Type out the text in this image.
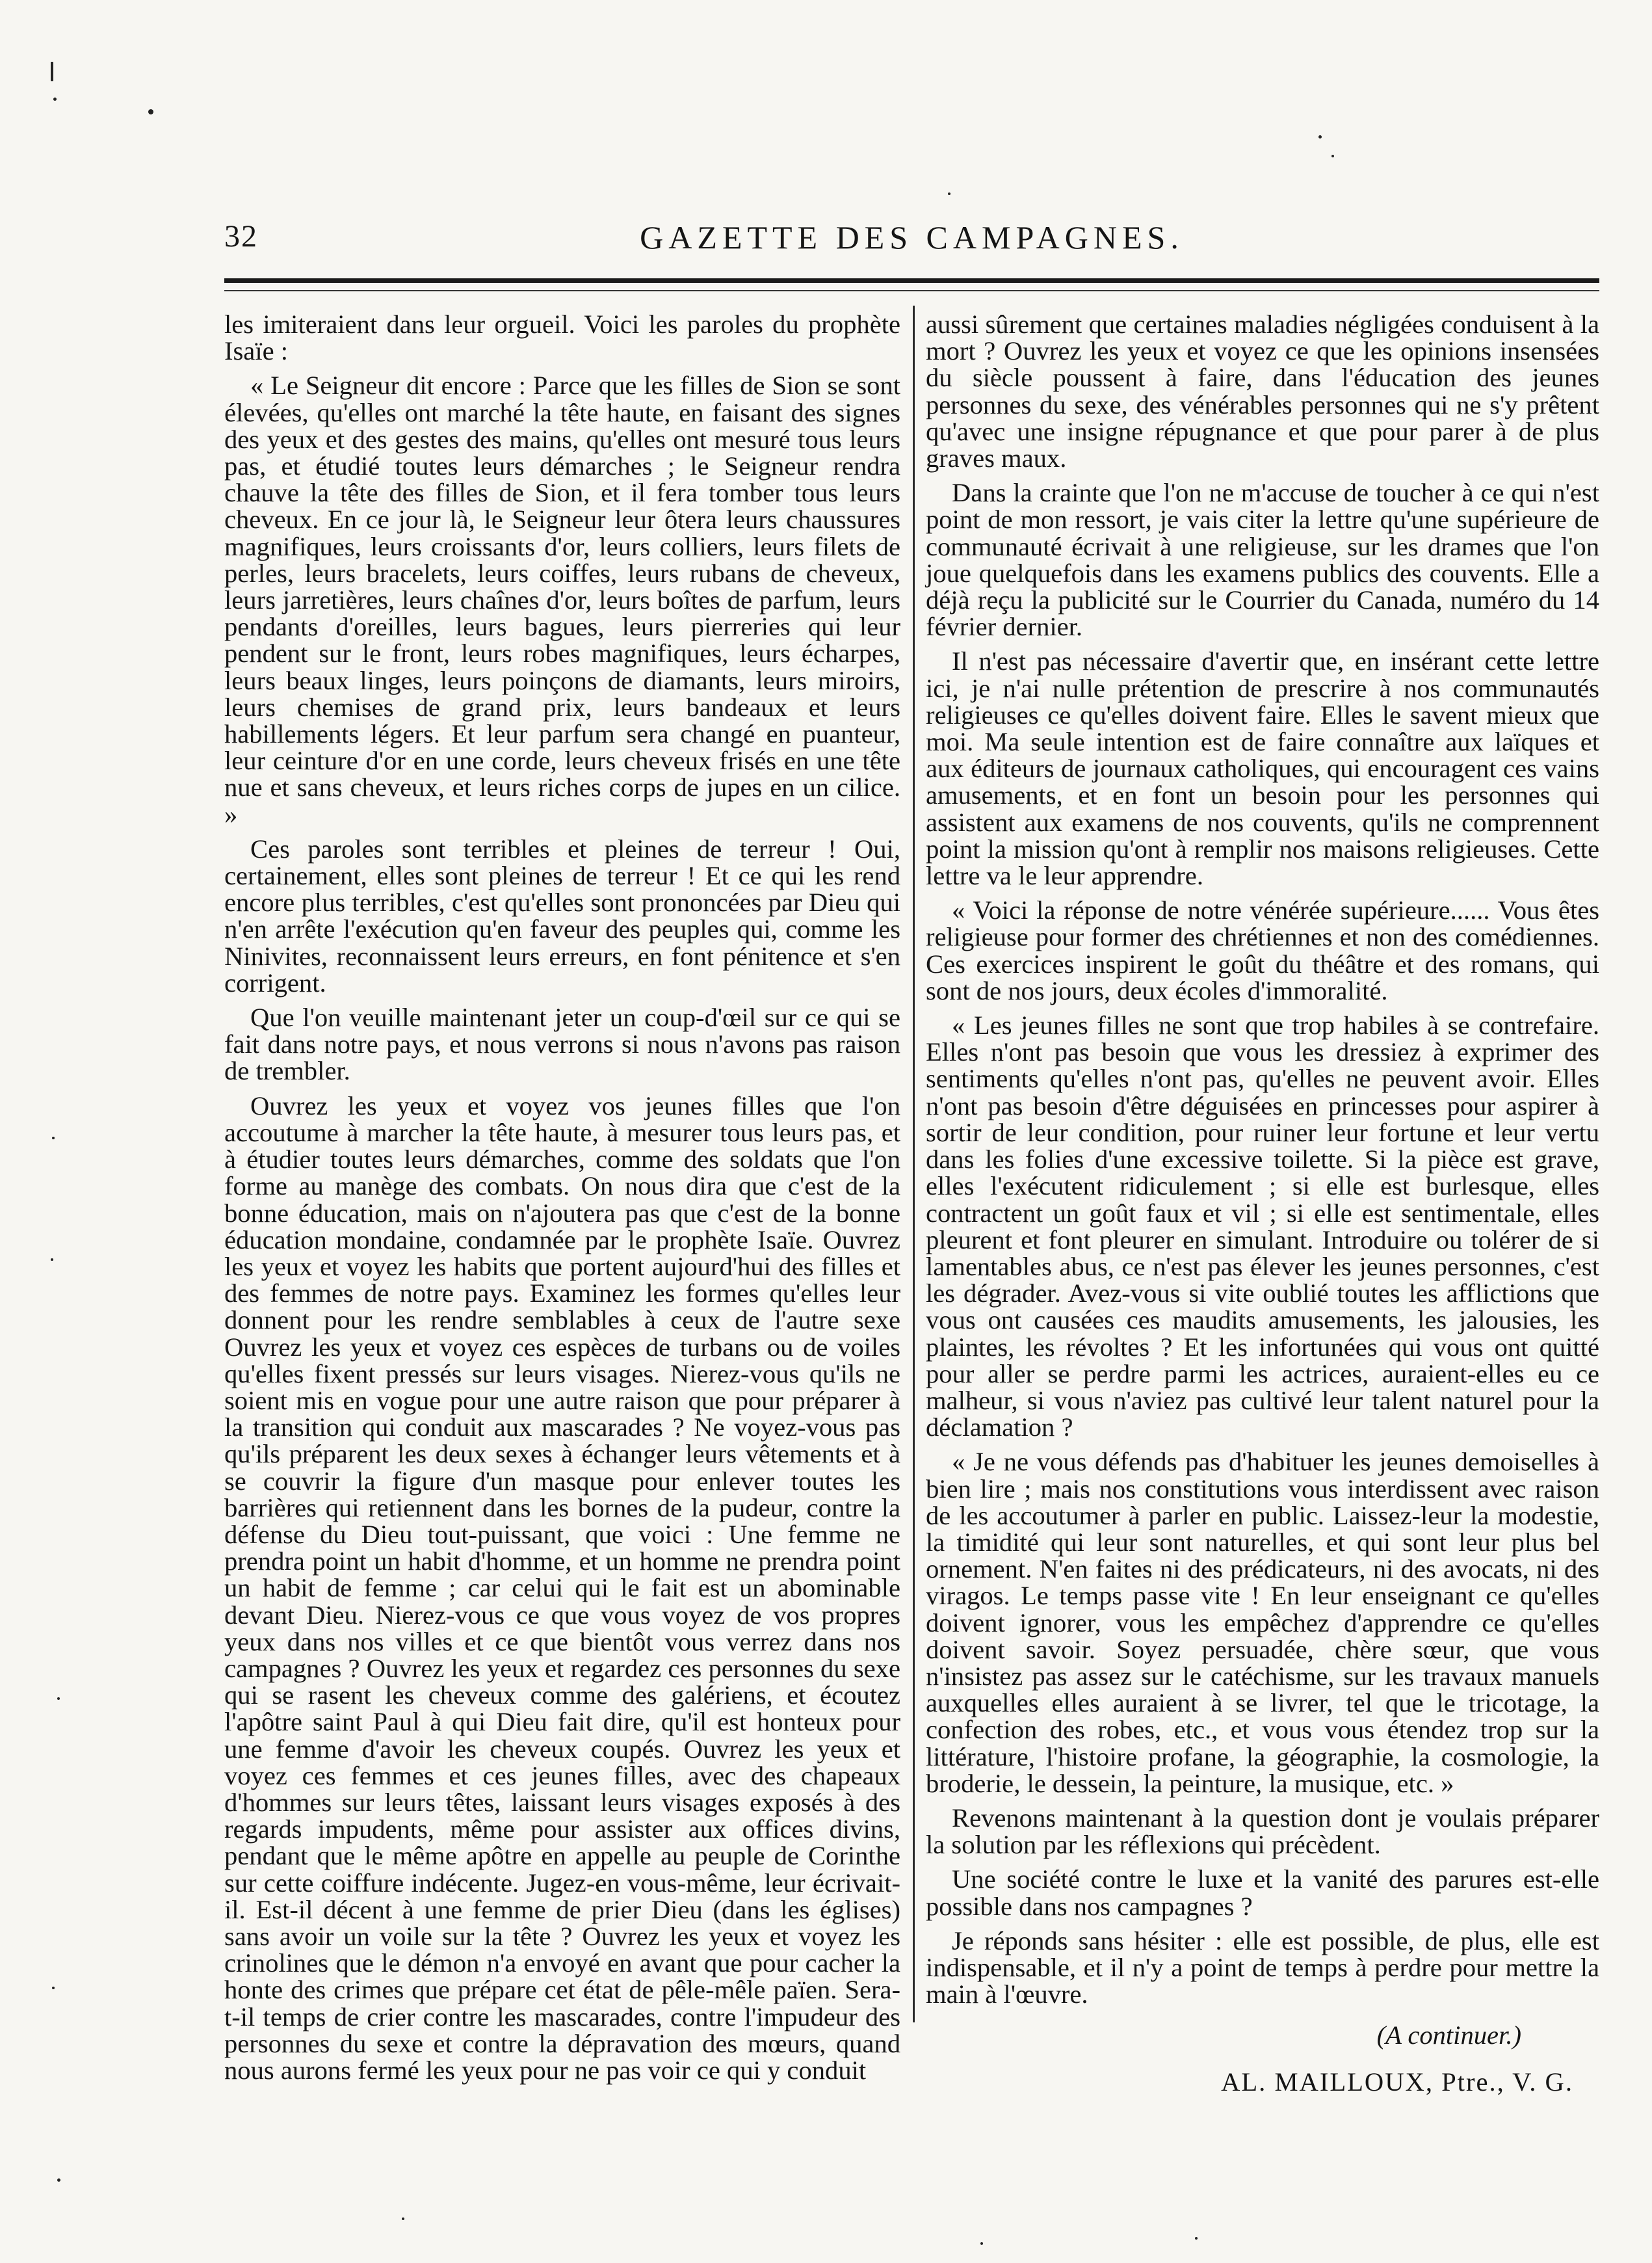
32	GAZETTE DES CAMPAGNES.

les imiteraient dans leur orgueil. Voici les paroles du prophète Isaïe :

« Le Seigneur dit encore : Parce que les filles de Sion se sont élevées, qu'elles ont marché la tête haute, en faisant des signes des yeux et des gestes des mains, qu'elles ont mesuré tous leurs pas, et étudié toutes leurs démarches ; le Seigneur rendra chauve la tête des filles de Sion, et il fera tomber tous leurs cheveux. En ce jour là, le Seigneur leur ôtera leurs chaussures magnifiques, leurs croissants d'or, leurs colliers, leurs filets de perles, leurs bracelets, leurs coiffes, leurs rubans de cheveux, leurs jarretières, leurs chaînes d'or, leurs boîtes de parfum, leurs pendants d'oreilles, leurs bagues, leurs pierreries qui leur pendent sur le front, leurs robes magnifiques, leurs écharpes, leurs beaux linges, leurs poinçons de diamants, leurs miroirs, leurs chemises de grand prix, leurs bandeaux et leurs habillements légers. Et leur parfum sera changé en puanteur, leur ceinture d'or en une corde, leurs cheveux frisés en une tête nue et sans cheveux, et leurs riches corps de jupes en un cilice. »

Ces paroles sont terribles et pleines de terreur ! Oui, certainement, elles sont pleines de terreur ! Et ce qui les rend encore plus terribles, c'est qu'elles sont prononcées par Dieu qui n'en arrête l'exécution qu'en faveur des peuples qui, comme les Ninivites, reconnaissent leurs erreurs, en font pénitence et s'en corrigent.

Que l'on veuille maintenant jeter un coup-d'œil sur ce qui se fait dans notre pays, et nous verrons si nous n'avons pas raison de trembler.

Ouvrez les yeux et voyez vos jeunes filles que l'on accoutume à marcher la tête haute, à mesurer tous leurs pas, et à étudier toutes leurs démarches, comme des soldats que l'on forme au manège des combats. On nous dira que c'est de la bonne éducation, mais on n'ajoutera pas que c'est de la bonne éducation mondaine, condamnée par le prophète Isaïe. Ouvrez les yeux et voyez les habits que portent aujourd'hui des filles et des femmes de notre pays. Examinez les formes qu'elles leur donnent pour les rendre semblables à ceux de l'autre sexe Ouvrez les yeux et voyez ces espèces de turbans ou de voiles qu'elles fixent pressés sur leurs visages. Nierez-vous qu'ils ne soient mis en vogue pour une autre raison que pour préparer à la transition qui conduit aux mascarades ? Ne voyez-vous pas qu'ils préparent les deux sexes à échanger leurs vêtements et à se couvrir la figure d'un masque pour enlever toutes les barrières qui retiennent dans les bornes de la pudeur, contre la défense du Dieu tout-puissant, que voici : Une femme ne prendra point un habit d'homme, et un homme ne prendra point un habit de femme ; car celui qui le fait est un abominable devant Dieu. Nierez-vous ce que vous voyez de vos propres yeux dans nos villes et ce que bientôt vous verrez dans nos campagnes ? Ouvrez les yeux et regardez ces personnes du sexe qui se rasent les cheveux comme des galériens, et écoutez l'apôtre saint Paul à qui Dieu fait dire, qu'il est honteux pour une femme d'avoir les cheveux coupés. Ouvrez les yeux et voyez ces femmes et ces jeunes filles, avec des chapeaux d'hommes sur leurs têtes, laissant leurs visages exposés à des regards impudents, même pour assister aux offices divins, pendant que le même apôtre en appelle au peuple de Corinthe sur cette coiffure indécente. Jugez-en vous-même, leur écrivait-il. Est-il décent à une femme de prier Dieu (dans les églises) sans avoir un voile sur la tête ? Ouvrez les yeux et voyez les crinolines que le démon n'a envoyé en avant que pour cacher la honte des crimes que prépare cet état de pêle-mêle païen. Sera-t-il temps de crier contre les mascarades, contre l'impudeur des personnes du sexe et contre la dépravation des mœurs, quand nous aurons fermé les yeux pour ne pas voir ce qui y conduit

aussi sûrement que certaines maladies négligées conduisent à la mort ? Ouvrez les yeux et voyez ce que les opinions insensées du siècle poussent à faire, dans l'éducation des jeunes personnes du sexe, des vénérables personnes qui ne s'y prêtent qu'avec une insigne répugnance et que pour parer à de plus graves maux.

Dans la crainte que l'on ne m'accuse de toucher à ce qui n'est point de mon ressort, je vais citer la lettre qu'une supérieure de communauté écrivait à une religieuse, sur les drames que l'on joue quelquefois dans les examens publics des couvents. Elle a déjà reçu la publicité sur le Courrier du Canada, numéro du 14 février dernier.

Il n'est pas nécessaire d'avertir que, en insérant cette lettre ici, je n'ai nulle prétention de prescrire à nos communautés religieuses ce qu'elles doivent faire. Elles le savent mieux que moi. Ma seule intention est de faire connaître aux laïques et aux éditeurs de journaux catholiques, qui encouragent ces vains amusements, et en font un besoin pour les personnes qui assistent aux examens de nos couvents, qu'ils ne comprennent point la mission qu'ont à remplir nos maisons religieuses. Cette lettre va le leur apprendre.

« Voici la réponse de notre vénérée supérieure...... Vous êtes religieuse pour former des chrétiennes et non des comédiennes. Ces exercices inspirent le goût du théâtre et des romans, qui sont de nos jours, deux écoles d'immoralité.

« Les jeunes filles ne sont que trop habiles à se contrefaire. Elles n'ont pas besoin que vous les dressiez à exprimer des sentiments qu'elles n'ont pas, qu'elles ne peuvent avoir. Elles n'ont pas besoin d'être déguisées en princesses pour aspirer à sortir de leur condition, pour ruiner leur fortune et leur vertu dans les folies d'une excessive toilette. Si la pièce est grave, elles l'exécutent ridiculement ; si elle est burlesque, elles contractent un goût faux et vil ; si elle est sentimentale, elles pleurent et font pleurer en simulant. Introduire ou tolérer de si lamentables abus, ce n'est pas élever les jeunes personnes, c'est les dégrader. Avez-vous si vite oublié toutes les afflictions que vous ont causées ces maudits amusements, les jalousies, les plaintes, les révoltes ? Et les infortunées qui vous ont quitté pour aller se perdre parmi les actrices, auraient-elles eu ce malheur, si vous n'aviez pas cultivé leur talent naturel pour la déclamation ?

« Je ne vous défends pas d'habituer les jeunes demoiselles à bien lire ; mais nos constitutions vous interdissent avec raison de les accoutumer à parler en public. Laissez-leur la modestie, la timidité qui leur sont naturelles, et qui sont leur plus bel ornement. N'en faites ni des prédicateurs, ni des avocats, ni des viragos. Le temps passe vite ! En leur enseignant ce qu'elles doivent ignorer, vous les empêchez d'apprendre ce qu'elles doivent savoir. Soyez persuadée, chère sœur, que vous n'insistez pas assez sur le catéchisme, sur les travaux manuels auxquelles elles auraient à se livrer, tel que le tricotage, la confection des robes, etc., et vous vous étendez trop sur la littérature, l'histoire profane, la géographie, la cosmologie, la broderie, le dessein, la peinture, la musique, etc. »

Revenons maintenant à la question dont je voulais préparer la solution par les réflexions qui précèdent.

Une société contre le luxe et la vanité des parures est-elle possible dans nos campagnes ?

Je réponds sans hésiter : elle est possible, de plus, elle est indispensable, et il n'y a point de temps à perdre pour mettre la main à l'œuvre.

(A continuer.)
AL. MAILLOUX, Ptre., V. G.
